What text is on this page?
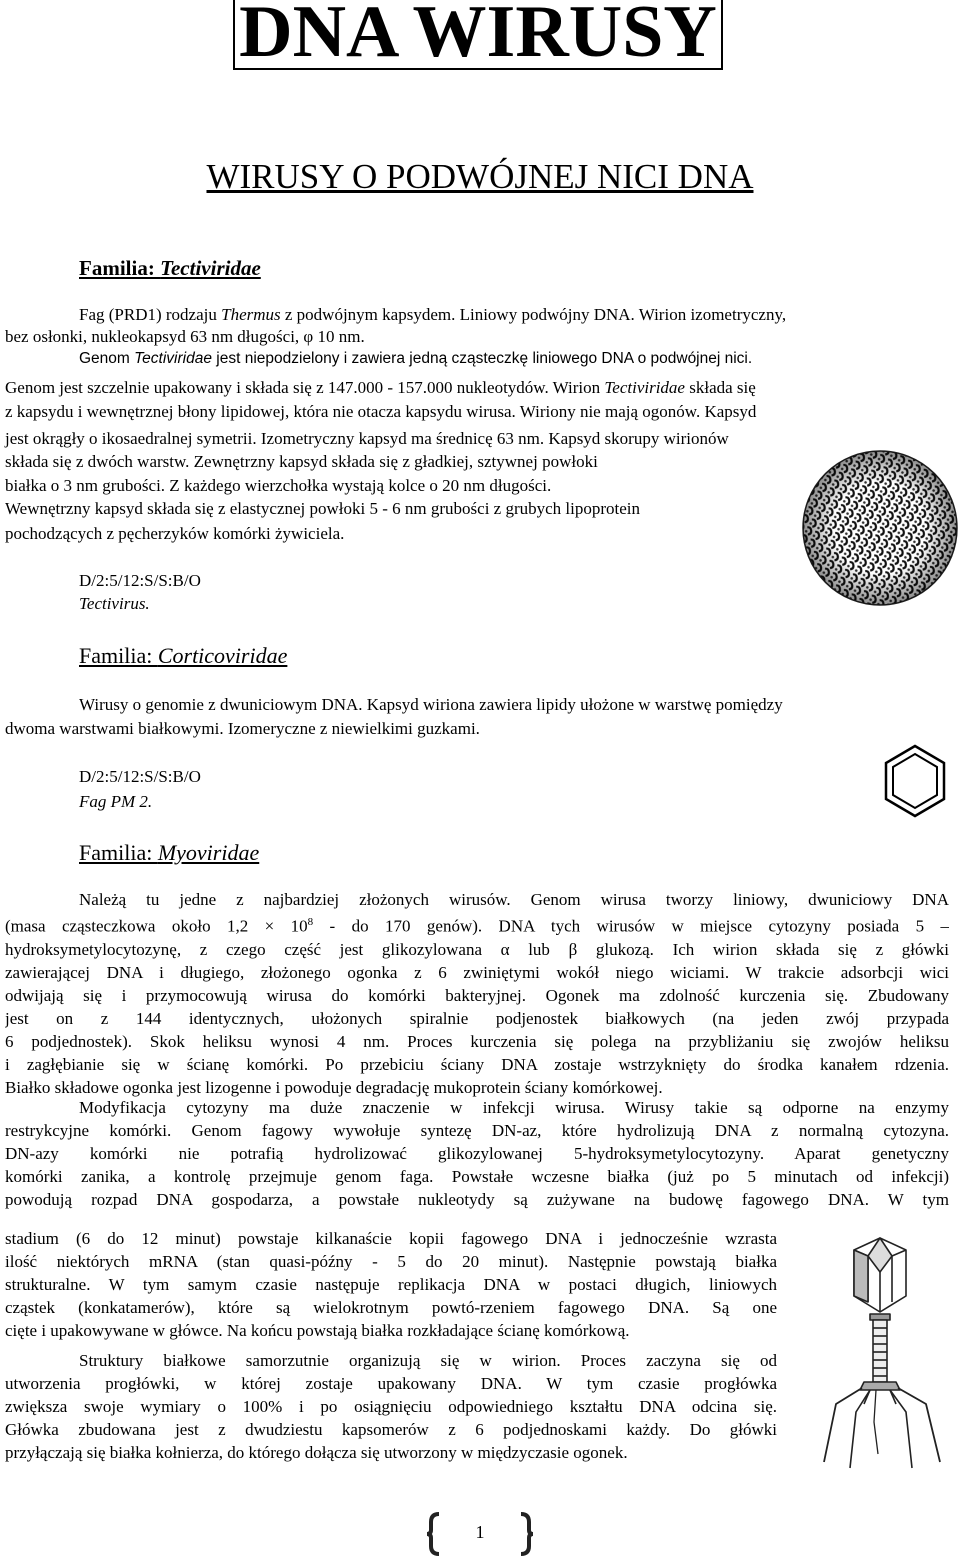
DNA WIRUSY
WIRUSY O PODWÓJNEJ NICI DNA
Familia: Tectiviridae
Fag (PRD1) rodzaju Thermus z podwójnym kapsydem. Liniowy podwójny DNA. Wirion izometryczny,
bez osłonki, nukleokapsyd 63 nm długości, φ 10 nm.
Genom Tectiviridae jest niepodzielony i zawiera jedną cząsteczkę liniowego DNA o podwójnej nici.
Genom jest szczelnie upakowany i składa się z 147.000 - 157.000 nukleotydów. Wirion Tectiviridae składa się
z kapsydu i wewnętrznej błony lipidowej, która nie otacza kapsydu wirusa. Wiriony nie mają ogonów. Kapsyd
jest okrągły o ikosaedralnej symetrii. Izometryczny kapsyd ma średnicę 63 nm. Kapsyd skorupy wirionów
składa się z dwóch warstw. Zewnętrzny kapsyd składa się z gładkiej, sztywnej powłoki
białka o 3 nm grubości. Z każdego wierzchołka wystają kolce o 20 nm długości.
Wewnętrzny kapsyd składa się z elastycznej powłoki 5 - 6 nm grubości z grubych lipoprotein
pochodzących z pęcherzyków komórki żywiciela.
D/2:5/12:S/S:B/O
Tectivirus.
Familia: Corticoviridae
Wirusy o genomie z dwuniciowym DNA. Kapsyd wiriona zawiera lipidy ułożone w warstwę pomiędzy
dwoma warstwami białkowymi. Izomeryczne z niewielkimi guzkami.
D/2:5/12:S/S:B/O
Fag PM 2.
Familia: Myoviridae
Należą tu jedne z najbardziej złożonych wirusów. Genom wirusa tworzy liniowy, dwuniciowy DNA
(masa cząsteczkowa około $1,2 \times 10^8$ - do 170 genów). DNA tych wirusów w miejsce cytozyny posiada 5 –
hydroksymetylocytozynę, z czego część jest glikozylowana α lub β glukozą. Ich wirion składa się z główki
zawierającej DNA i długiego, złożonego ogonka z 6 zwiniętymi wokół niego wiciami. W trakcie adsorbcji wici
odwijają się i przymocowują wirusa do komórki bakteryjnej. Ogonek ma zdolność kurczenia się. Zbudowany
jest on z 144 identycznych, ułożonych spiralnie podjenostek białkowych (na jeden zwój przypada
6 podjednostek). Skok heliksu wynosi 4 nm. Proces kurczenia się polega na przybliżaniu się zwojów heliksu
i zagłębianie się w ścianę komórki. Po przebiciu ściany DNA zostaje wstrzyknięty do środka kanałem rdzenia.
Białko składowe ogonka jest lizogenne i powoduje degradację mukoprotein ściany komórkowej.
Modyfikacja cytozyny ma duże znaczenie w infekcji wirusa. Wirusy takie są odporne na enzymy
restrykcyjne komórki. Genom fagowy wywołuje syntezę DN-az, które hydrolizują DNA z normalną cytozyna.
DN-azy komórki nie potrafią hydrolizować glikozylowanej 5-hydroksymetylocytozyny. Aparat genetyczny
komórki zanika, a kontrolę przejmuje genom faga. Powstałe wczesne białka (już po 5 minutach od infekcji)
powodują rozpad DNA gospodarza, a powstałe nukleotydy są zużywane na budowę fagowego DNA. W tym
stadium (6 do 12 minut) powstaje kilkanaście kopii fagowego DNA i jednocześnie wzrasta
ilość niektórych mRNA (stan quasi-późny - 5 do 20 minut). Następnie powstają białka
strukturalne. W tym samym czasie następuje replikacja DNA w postaci długich, liniowych
cząstek (konkatamerów), które są wielokrotnym powtó-rzeniem fagowego DNA. Są one
cięte i upakowywane w główce. Na końcu powstają białka rozkładające ścianę komórkową.
Struktury białkowe samorzutnie organizują się w wirion. Proces zaczyna się od
utworzenia progłówki, w której zostaje upakowany DNA. W tym czasie progłówka
zwiększa swoje wymiary o 100% i po osiągnięciu odpowiedniego kształtu DNA odcina się.
Główka zbudowana jest z dwudziestu kapsomerów z 6 podjednoskami każdy. Do główki
przyłączają się białka kołnierza, do którego dołącza się utworzony w międzyczasie ogonek.
1
